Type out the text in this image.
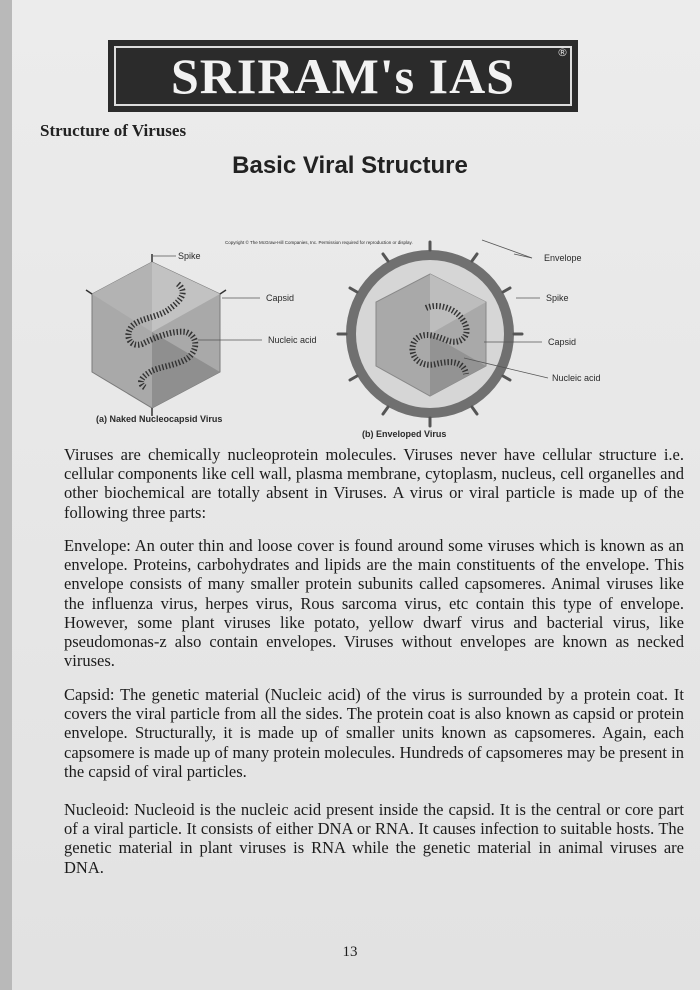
SRIRAM's IAS	®
Structure of Viruses
Basic Viral Structure
Copyright © The McGraw-Hill Companies, Inc. Permission required for reproduction or display.
Spike
Capsid
Nucleic acid
(a) Naked Nucleocapsid Virus
Envelope
Spike
Capsid
Nucleic acid
(b) Enveloped Virus

Viruses are chemically nucleoprotein molecules. Viruses never have cellular structure i.e. cellular components like cell wall, plasma membrane, cytoplasm, nucleus, cell organelles and other biochemical are totally absent in Viruses. A virus or viral particle is made up of the following three parts:

Envelope: An outer thin and loose cover is found around some viruses which is known as an envelope. Proteins, carbohydrates and lipids are the main constituents of the envelope. This envelope consists of many smaller protein subunits called capsomeres. Animal viruses like the influenza virus, herpes virus, Rous sarcoma virus, etc contain this type of envelope. However, some plant viruses like potato, yellow dwarf virus and bacterial virus, like pseudomonas-z also contain envelopes. Viruses without envelopes are known as necked viruses.

Capsid: The genetic material (Nucleic acid) of the virus is surrounded by a protein coat. It covers the viral particle from all the sides. The protein coat is also known as capsid or protein envelope. Structurally, it is made up of smaller units known as capsomeres. Again, each capsomere is made up of many protein molecules. Hundreds of capsomeres may be present in the capsid of viral particles.

Nucleoid: Nucleoid is the nucleic acid present inside the capsid. It is the central or core part of a viral particle. It consists of either DNA or RNA. It causes infection to suitable hosts. The genetic material in plant viruses is RNA while the genetic material in animal viruses are DNA.

13
